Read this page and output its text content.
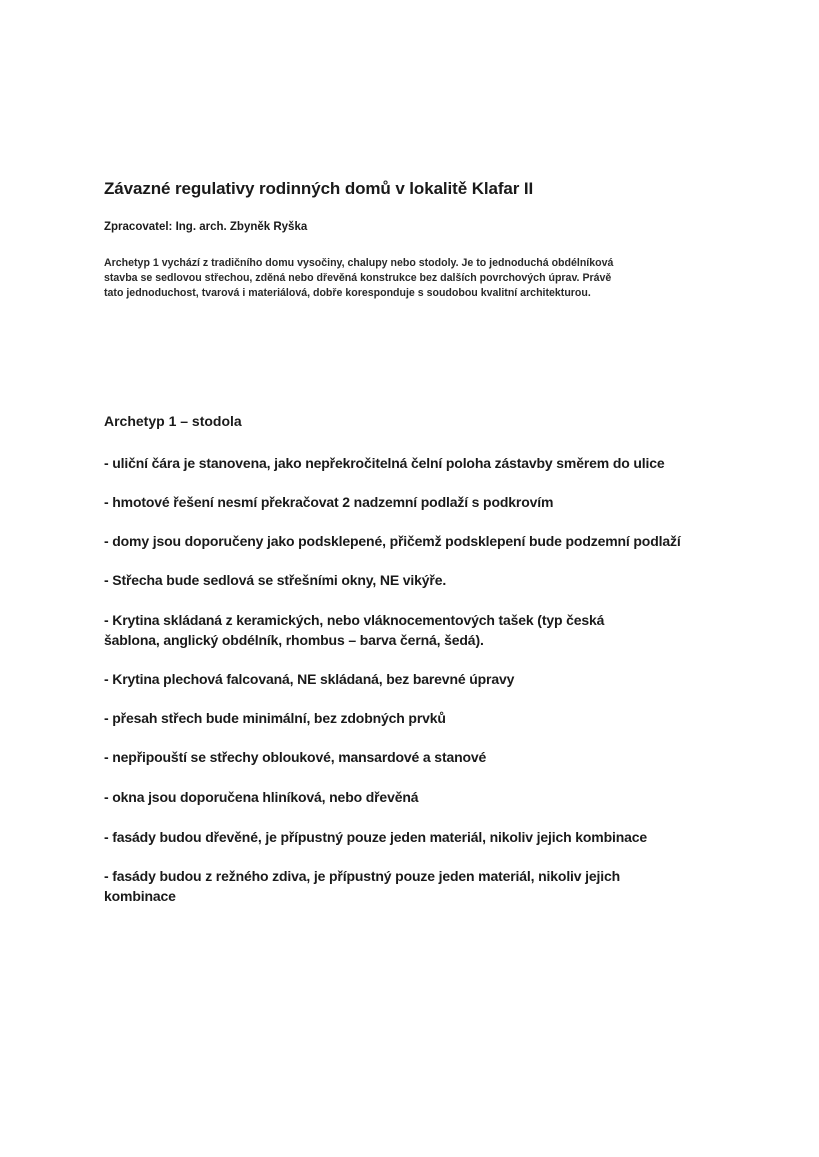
Závazné regulativy rodinných domů v lokalitě Klafar II
Zpracovatel: Ing. arch. Zbyněk Ryška
Archetyp 1 vychází z tradičního domu vysočiny, chalupy nebo stodoly. Je to jednoduchá obdélníková
stavba se sedlovou střechou, zděná nebo dřevěná konstrukce bez dalších povrchových úprav. Právě
tato jednoduchost, tvarová i materiálová, dobře koresponduje s soudobou kvalitní architekturou.
Archetyp 1 – stodola
- uliční čára je stanovena, jako nepřekročitelná čelní poloha zástavby směrem do ulice
- hmotové řešení nesmí překračovat 2 nadzemní podlaží s podkrovím
- domy jsou doporučeny jako podsklepené, přičemž podsklepení bude podzemní podlaží
- Střecha bude sedlová se střešními okny, NE vikýře.
- Krytina skládaná z keramických, nebo vláknocementových tašek (typ česká
šablona, anglický obdélník, rhombus – barva černá, šedá).
- Krytina plechová falcovaná, NE skládaná, bez barevné úpravy
- přesah střech bude minimální, bez zdobných prvků
- nepřipouští se střechy obloukové, mansardové a stanové
- okna jsou doporučena hliníková, nebo dřevěná
- fasády budou dřevěné, je přípustný pouze jeden materiál, nikoliv jejich kombinace
- fasády budou z režného zdiva, je přípustný pouze jeden materiál, nikoliv jejich
kombinace
